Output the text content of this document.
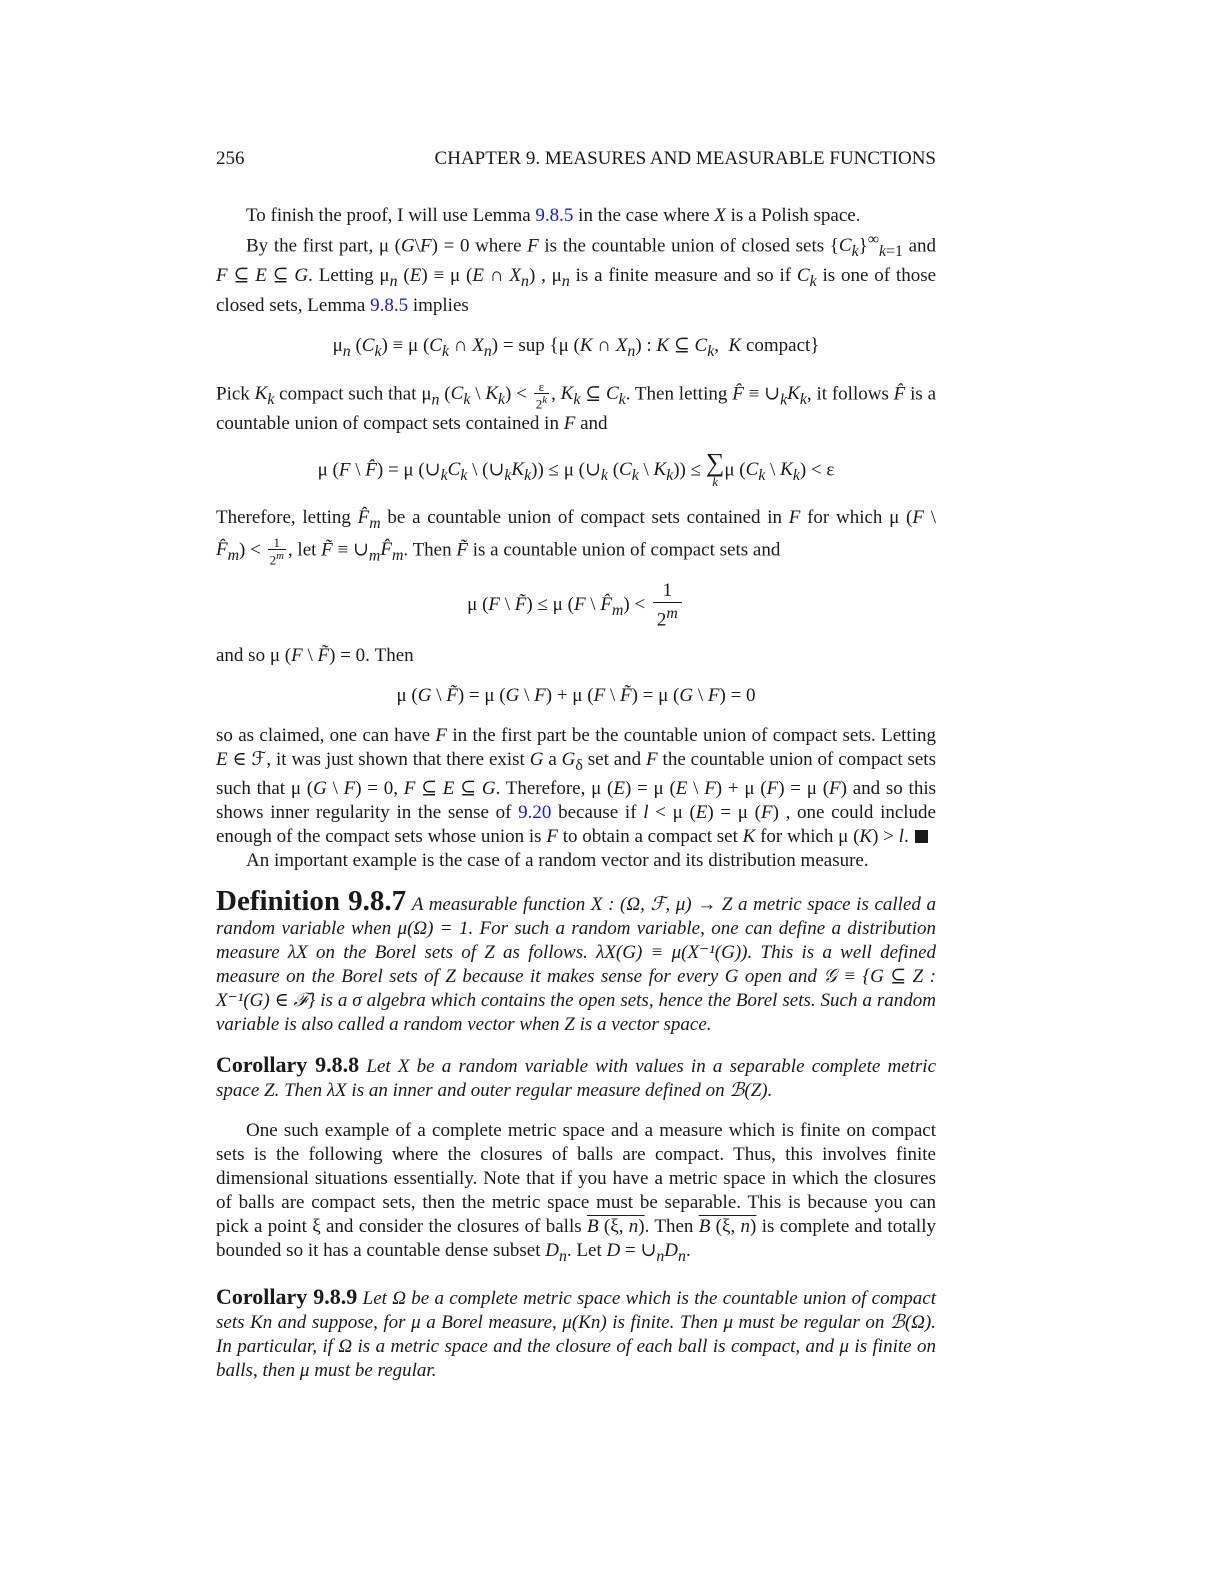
256	CHAPTER 9. MEASURES AND MEASURABLE FUNCTIONS

To finish the proof, I will use Lemma 9.8.5 in the case where X is a Polish space.

By the first part, μ (G\F) = 0 where F is the countable union of closed sets $\{C_k\}^\infty_{k=1}$ and F ⊆ E ⊆ G. Letting $\mu_n$ (E) ≡ μ (E ∩ $X_n$) , $\mu_n$ is a finite measure and so if $C_k$ is one of those closed sets, Lemma 9.8.5 implies

$\mu_n$ $(C_k) \equiv \mu$ ($C_k$ ∩ $X_n$) = sup {μ (K ∩ $X_n$) : K ⊆ $C_k$,  K compact}

Pick $K_k$ compact such that $\mu_n$ ($C_k$ \ $K_k) < \frac{\varepsilon}{2^k}$ , $K_k$ ⊆ $C_k$. Then letting F̂ ≡ $\cup_kK_k$, it follows F̂ is a countable union of compact sets contained in F and

μ (F \ F̂) = μ ($\cup_kC_k$ \ $(\cup_kK_k)) \le \mu$ ($\cup_k$ ($C_k$ \ $K_k$)) ≤ ∑
k
μ ($C_k$ \ $K_k) < \varepsilon$

Therefore, letting $F̂_m$ be a countable union of compact sets contained in F for which μ (F \ $F̂_m) < \frac{1}{2^m}$ , let F̃ ≡ $\cup_mF̂_m$. Then F̃ is a countable union of compact sets and

μ (F \ F̃) ≤ μ (F \ $F̂_m) < \frac{1}{2^m}$

and so μ (F \ F̃) = 0. Then

μ (G \ F̃) = μ (G \ F) + μ (F \ F̃) = μ (G \ F) = 0

so as claimed, one can have F in the first part be the countable union of compact sets. Letting E ∈ ℱ, it was just shown that there exist G a $G_\delta$ set and F the countable union of compact sets such that μ (G \ F) = 0, F ⊆ E ⊆ G. Therefore, μ (E) = μ (E \ F) + μ (F) = μ (F) and so this shows inner regularity in the sense of 9.20 because if l < μ (E) = μ (F) , one could include enough of the compact sets whose union is F to obtain a compact set K for which μ (K) > l.

An important example is the case of a random vector and its distribution measure.

Definition 9.8.7 A measurable function X : (Ω, ℱ, μ) → Z a metric space is called a random variable when μ(Ω) = 1. For such a random variable, one can define a distribution measure λX on the Borel sets of Z as follows. λX(G) ≡ μ(X⁻¹(G)). This is a well defined measure on the Borel sets of Z because it makes sense for every G open and 𝒢 ≡ {G ⊆ Z : X⁻¹(G) ∈ ℱ} is a σ algebra which contains the open sets, hence the Borel sets. Such a random variable is also called a random vector when Z is a vector space.

Corollary 9.8.8 Let X be a random variable with values in a separable complete metric space Z. Then λX is an inner and outer regular measure defined on ℬ(Z).

One such example of a complete metric space and a measure which is finite on compact sets is the following where the closures of balls are compact. Thus, this involves finite dimensional situations essentially. Note that if you have a metric space in which the closures of balls are compact sets, then the metric space must be separable. This is because you can pick a point ξ and consider the closures of balls B (ξ, n). Then B (ξ, n) is complete and totally bounded so it has a countable dense subset $D_n$. Let $D = \cup_nD_n$.

Corollary 9.8.9 Let Ω be a complete metric space which is the countable union of compact sets Kn and suppose, for μ a Borel measure, μ(Kn) is finite. Then μ must be regular on ℬ(Ω). In particular, if Ω is a metric space and the closure of each ball is compact, and μ is finite on balls, then μ must be regular.
